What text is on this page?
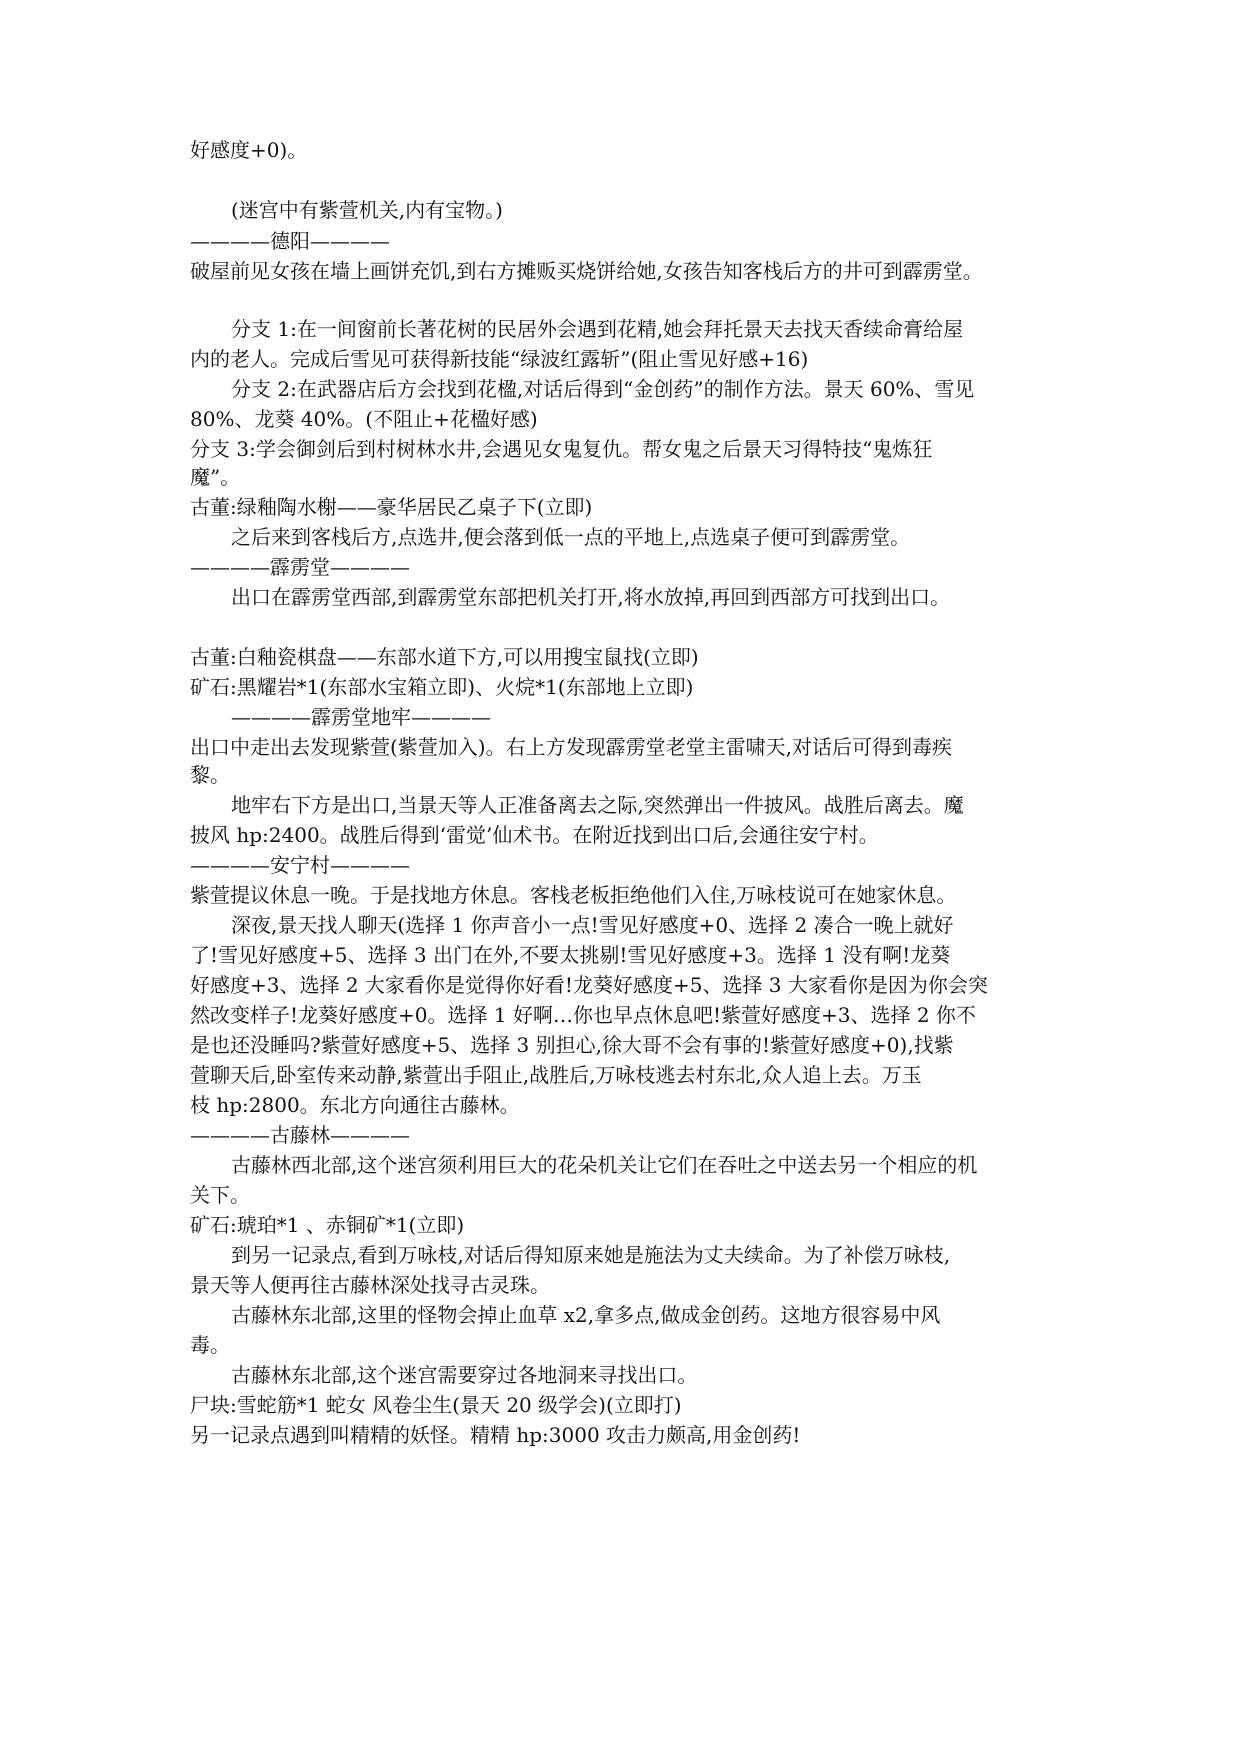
好感度+0)。
(迷宫中有紫萱机关,内有宝物。)
————德阳————
破屋前见女孩在墙上画饼充饥,到右方摊贩买烧饼给她,女孩告知客栈后方的井可到霹雳堂。
分支 1:在一间窗前长著花树的民居外会遇到花精,她会拜托景天去找天香续命膏给屋
内的老人。完成后雪见可获得新技能“绿波红露斩”(阻止雪见好感+16)
分支 2:在武器店后方会找到花楹,对话后得到“金创药”的制作方法。景天 60%、雪见
80%、龙葵 40%。(不阻止+花楹好感)
分支 3:学会御剑后到村树林水井,会遇见女鬼复仇。帮女鬼之后景天习得特技“鬼炼狂
魔”。
古董:绿釉陶水榭——豪华居民乙桌子下(立即)
之后来到客栈后方,点选井,便会落到低一点的平地上,点选桌子便可到霹雳堂。
————霹雳堂————
出口在霹雳堂西部,到霹雳堂东部把机关打开,将水放掉,再回到西部方可找到出口。
古董:白釉瓷棋盘——东部水道下方,可以用搜宝鼠找(立即)
矿石:黑耀岩*1(东部水宝箱立即)、火烷*1(东部地上立即)
————霹雳堂地牢————
出口中走出去发现紫萱(紫萱加入)。右上方发现霹雳堂老堂主雷啸天,对话后可得到毒疾
黎。
地牢右下方是出口,当景天等人正准备离去之际,突然弹出一件披风。战胜后离去。魔
披风 hp:2400。战胜后得到‘雷觉’仙术书。在附近找到出口后,会通往安宁村。
————安宁村————
紫萱提议休息一晚。于是找地方休息。客栈老板拒绝他们入住,万咏枝说可在她家休息。
深夜,景天找人聊天(选择 1 你声音小一点!雪见好感度+0、选择 2 凑合一晚上就好
了!雪见好感度+5、选择 3 出门在外,不要太挑剔!雪见好感度+3。选择 1 没有啊!龙葵
好感度+3、选择 2 大家看你是觉得你好看!龙葵好感度+5、选择 3 大家看你是因为你会突
然改变样子!龙葵好感度+0。选择 1 好啊…你也早点休息吧!紫萱好感度+3、选择 2 你不
是也还没睡吗?紫萱好感度+5、选择 3 别担心,徐大哥不会有事的!紫萱好感度+0),找紫
萱聊天后,卧室传来动静,紫萱出手阻止,战胜后,万咏枝逃去村东北,众人追上去。万玉
枝 hp:2800。东北方向通往古藤林。
————古藤林————
古藤林西北部,这个迷宫须利用巨大的花朵机关让它们在吞吐之中送去另一个相应的机
关下。
矿石:琥珀*1 、赤铜矿*1(立即)
到另一记录点,看到万咏枝,对话后得知原来她是施法为丈夫续命。为了补偿万咏枝,
景天等人便再往古藤林深处找寻古灵珠。
古藤林东北部,这里的怪物会掉止血草 x2,拿多点,做成金创药。这地方很容易中风
毒。
古藤林东北部,这个迷宫需要穿过各地洞来寻找出口。
尸块:雪蛇筋*1 蛇女 风卷尘生(景天 20 级学会)(立即打)
另一记录点遇到叫精精的妖怪。精精 hp:3000 攻击力颇高,用金创药!
